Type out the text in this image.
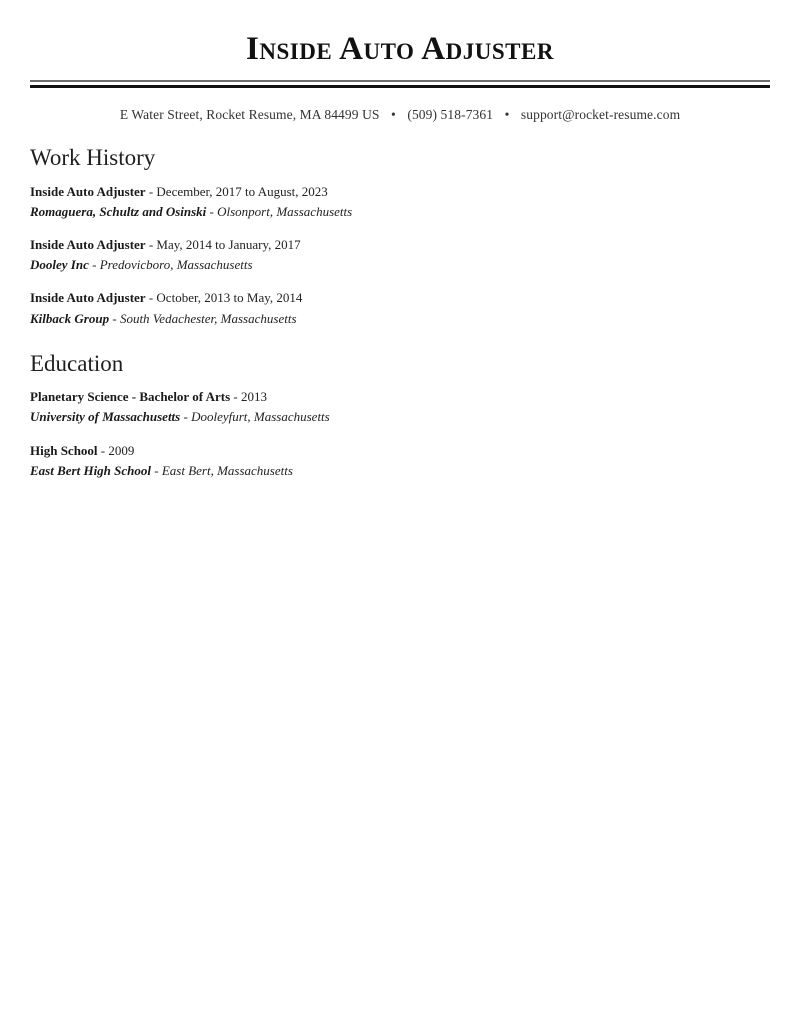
Inside Auto Adjuster
E Water Street, Rocket Resume, MA 84499 US • (509) 518-7361 • support@rocket-resume.com
Work History
Inside Auto Adjuster - December, 2017 to August, 2023
Romaguera, Schultz and Osinski - Olsonport, Massachusetts
Inside Auto Adjuster - May, 2014 to January, 2017
Dooley Inc - Predovicboro, Massachusetts
Inside Auto Adjuster - October, 2013 to May, 2014
Kilback Group - South Vedachester, Massachusetts
Education
Planetary Science - Bachelor of Arts - 2013
University of Massachusetts - Dooleyfurt, Massachusetts
High School - 2009
East Bert High School - East Bert, Massachusetts
